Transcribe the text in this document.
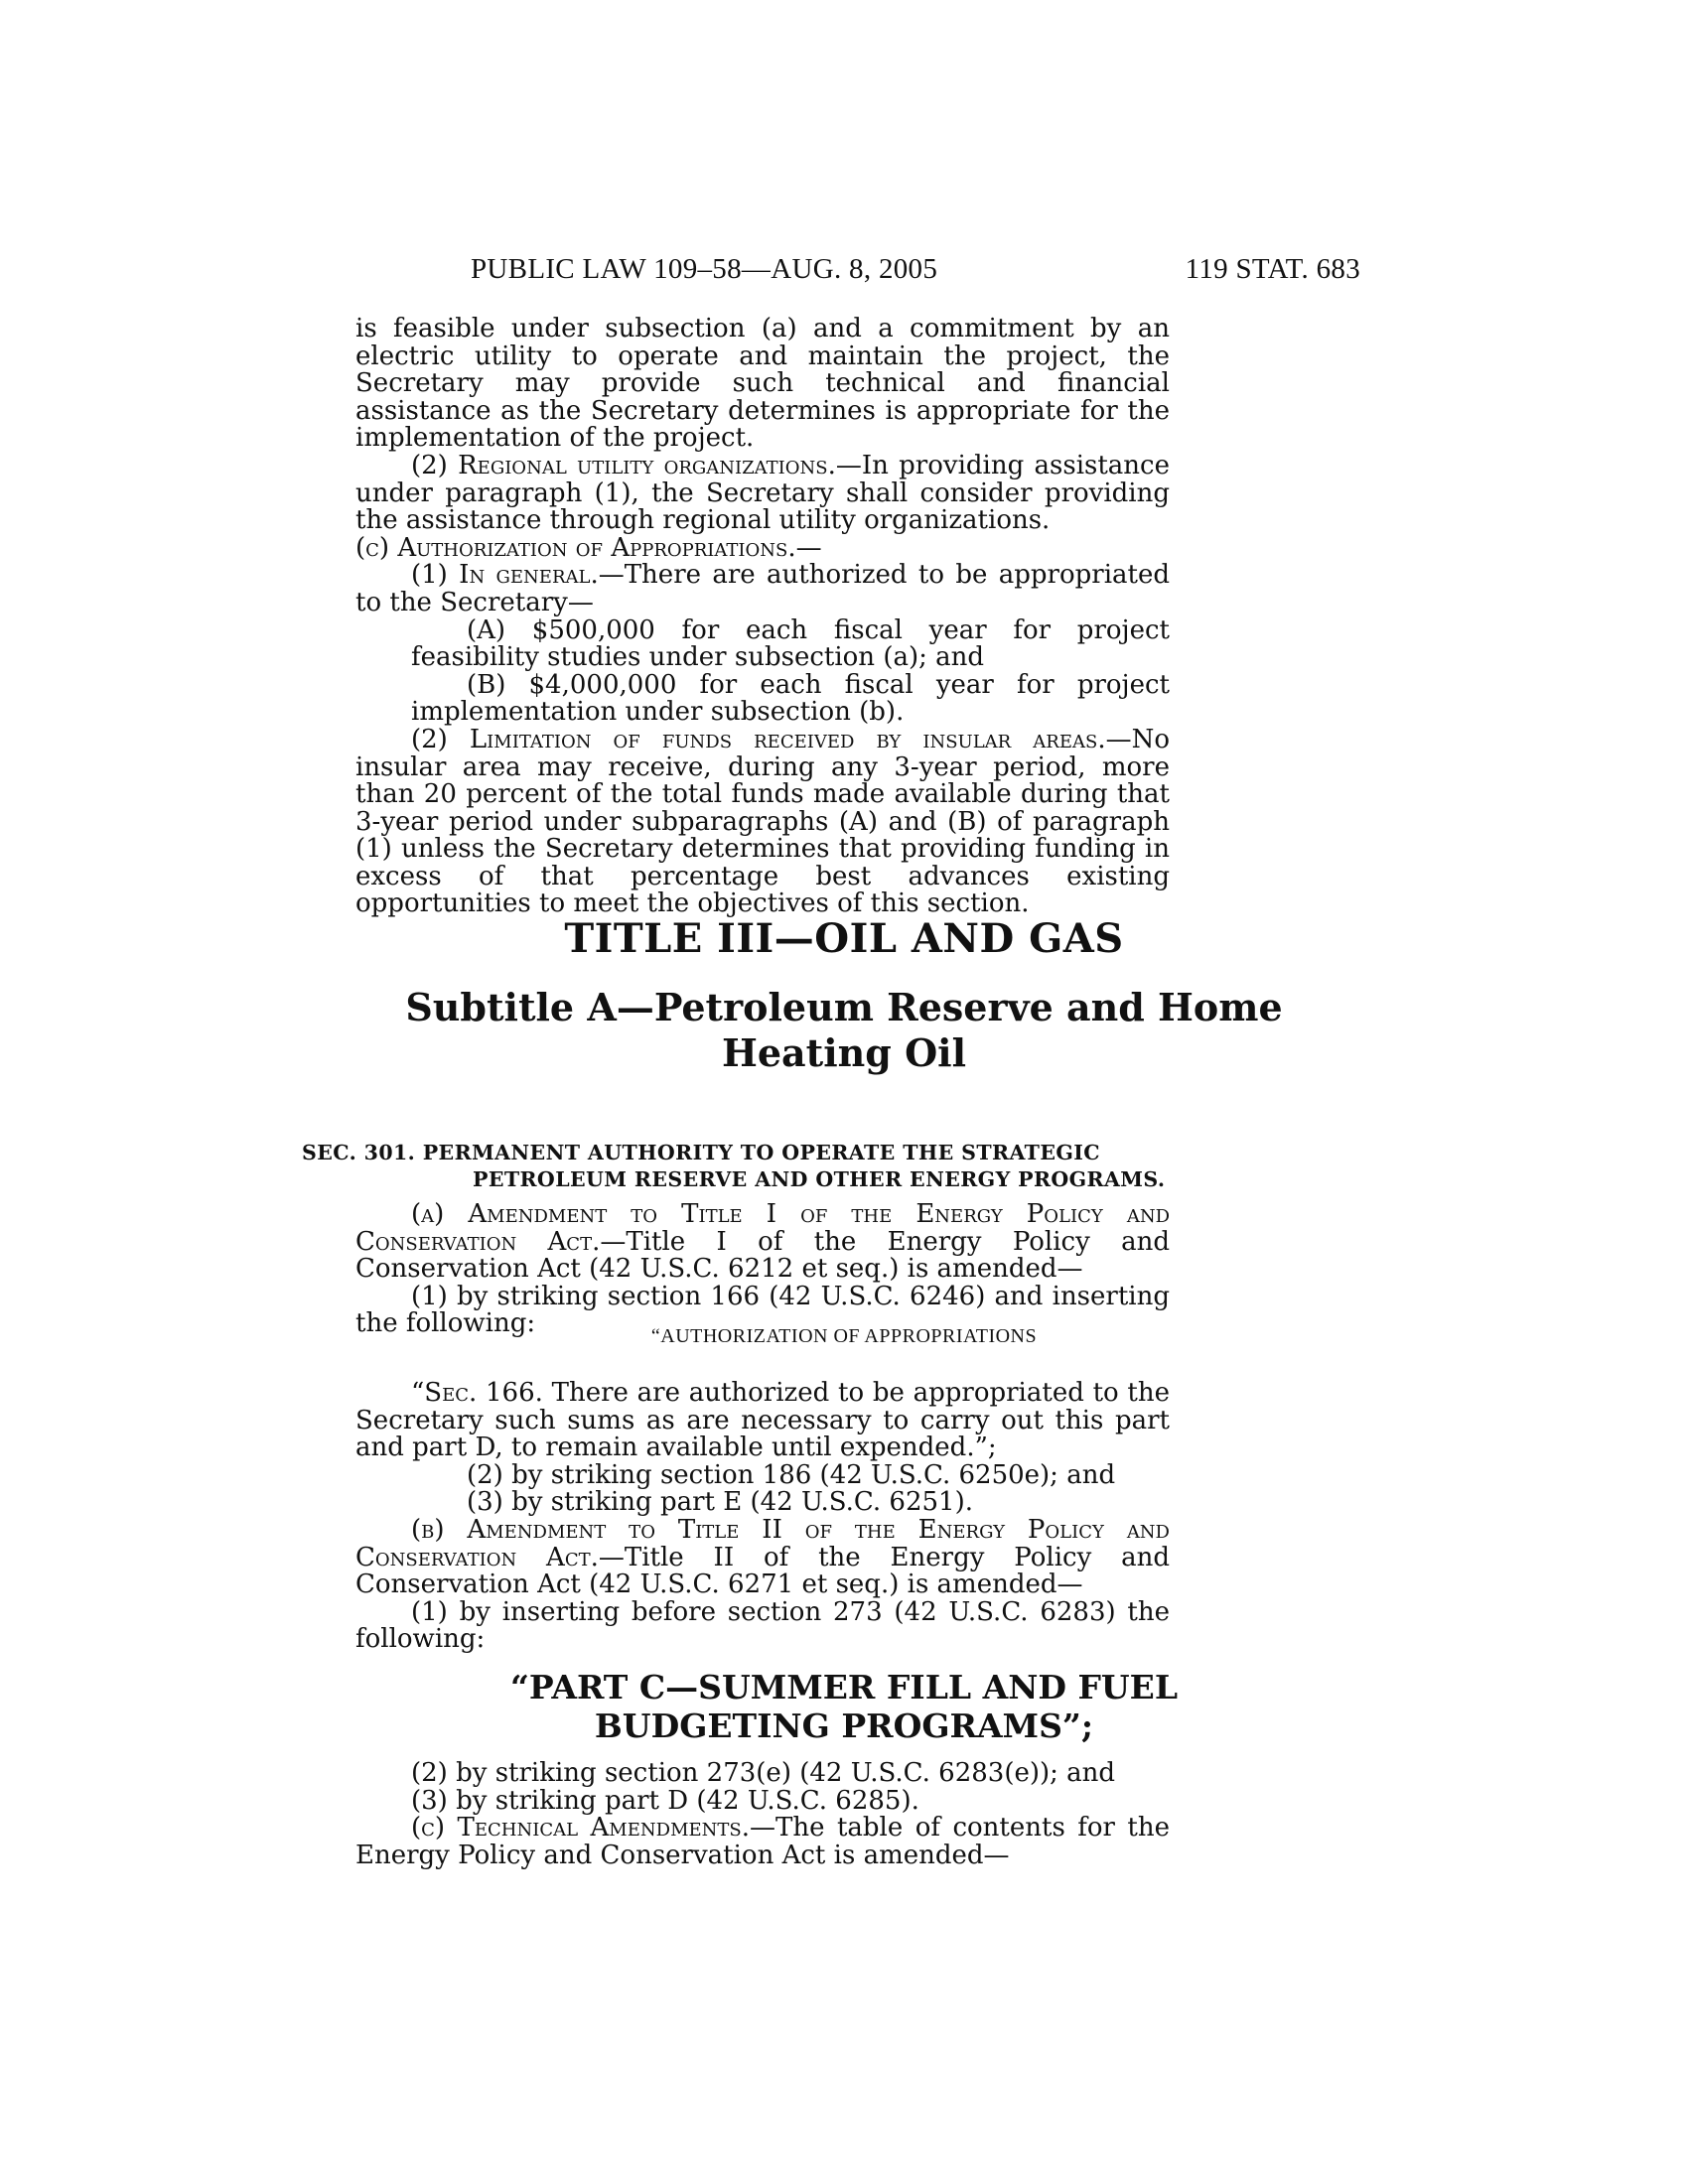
PUBLIC LAW 109–58—AUG. 8, 2005	119 STAT. 683

is feasible under subsection (a) and a commitment by an electric utility to operate and maintain the project, the Secretary may provide such technical and financial assistance as the Secretary determines is appropriate for the implementation of the project.

(2) Regional utility organizations.—In providing assistance under paragraph (1), the Secretary shall consider providing the assistance through regional utility organizations.

(c) Authorization of Appropriations.—

(1) In general.—There are authorized to be appropriated to the Secretary—

(A) $500,000 for each fiscal year for project feasibility studies under subsection (a); and

(B) $4,000,000 for each fiscal year for project implementation under subsection (b).

(2) Limitation of funds received by insular areas.—No insular area may receive, during any 3-year period, more than 20 percent of the total funds made available during that 3-year period under subparagraphs (A) and (B) of paragraph (1) unless the Secretary determines that providing funding in excess of that percentage best advances existing opportunities to meet the objectives of this section.

TITLE III—OIL AND GAS
Subtitle A—Petroleum Reserve and Home
Heating Oil
SEC. 301. PERMANENT AUTHORITY TO OPERATE THE STRATEGIC
PETROLEUM RESERVE AND OTHER ENERGY PROGRAMS.

(a) Amendment to Title I of the Energy Policy and Conservation Act.—Title I of the Energy Policy and Conservation Act (42 U.S.C. 6212 et seq.) is amended—

(1) by striking section 166 (42 U.S.C. 6246) and inserting the following:	“AUTHORIZATION OF APPROPRIATIONS

“Sec. 166. There are authorized to be appropriated to the Secretary such sums as are necessary to carry out this part and part D, to remain available until expended.”;

(2) by striking section 186 (42 U.S.C. 6250e); and

(3) by striking part E (42 U.S.C. 6251).

(b) Amendment to Title II of the Energy Policy and Conservation Act.—Title II of the Energy Policy and Conservation Act (42 U.S.C. 6271 et seq.) is amended—

(1) by inserting before section 273 (42 U.S.C. 6283) the following:

“PART C—SUMMER FILL AND FUEL
BUDGETING PROGRAMS”;

(2) by striking section 273(e) (42 U.S.C. 6283(e)); and

(3) by striking part D (42 U.S.C. 6285).

(c) Technical Amendments.—The table of contents for the Energy Policy and Conservation Act is amended—
